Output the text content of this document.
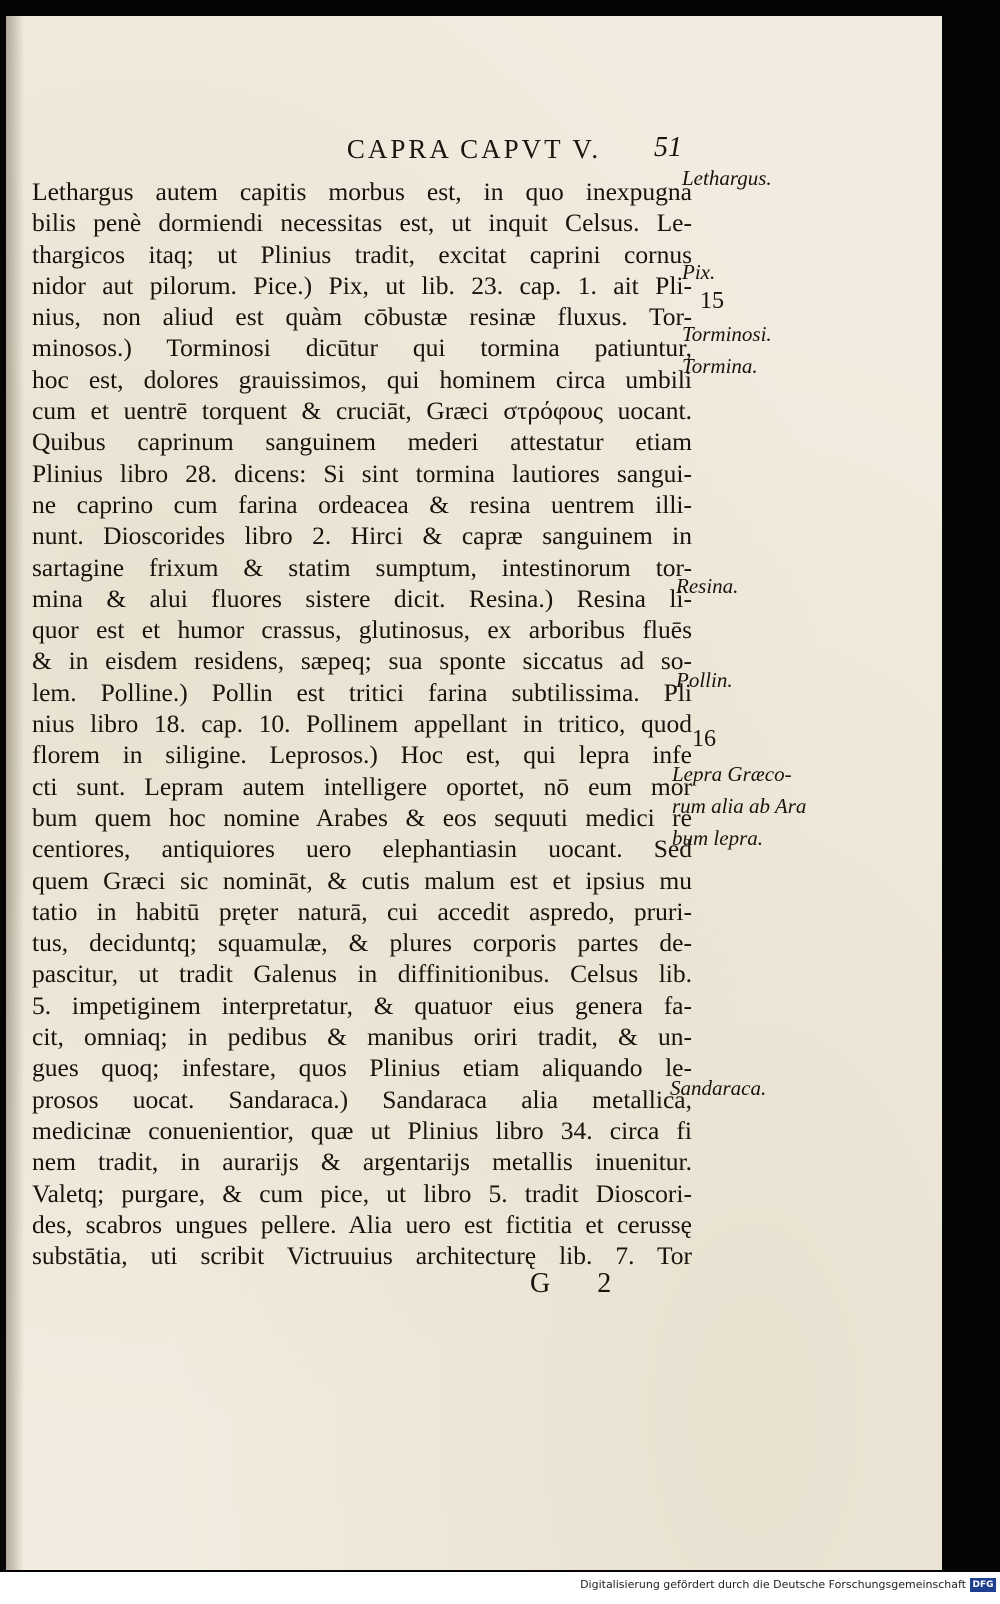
CAPRA CAPVT V.	51
Lethargus autem capitis morbus est, in quo inexpugna
bilis penè dormiendi necessitas est, ut inquit Celsus. Le-
thargicos itaq; ut Plinius tradit, excitat caprini cornus
nidor aut pilorum. Pice.) Pix, ut lib. 23. cap. 1. ait Pli-
nius, non aliud est quàm cōbustæ resinæ fluxus. Tor-
minosos.) Torminosi dicūtur qui tormina patiuntur,
hoc est, dolores grauissimos, qui hominem circa umbili
cum et uentrē torquent & cruciāt, Græci στρόφους uocant.
Quibus caprinum sanguinem mederi attestatur etiam
Plinius libro 28. dicens: Si sint tormina lautiores sangui-
ne caprino cum farina ordeacea & resina uentrem illi-
nunt. Dioscorides libro 2. Hirci & capræ sanguinem in
sartagine frixum & statim sumptum, intestinorum tor-
mina & alui fluores sistere dicit. Resina.) Resina li-
quor est et humor crassus, glutinosus, ex arboribus fluēs
& in eisdem residens, sæpeq; sua sponte siccatus ad so-
lem. Polline.) Pollin est tritici farina subtilissima. Pli
nius libro 18. cap. 10. Pollinem appellant in tritico, quod
florem in siligine. Leprosos.) Hoc est, qui lepra infe
cti sunt. Lepram autem intelligere oportet, nō eum mor
bum quem hoc nomine Arabes & eos sequuti medici re
centiores, antiquiores uero elephantiasin uocant. Sed
quem Græci sic nomināt, & cutis malum est et ipsius mu
tatio in habitū pręter naturā, cui accedit aspredo, pruri-
tus, deciduntq; squamulæ, & plures corporis partes de-
pascitur, ut tradit Galenus in diffinitionibus. Celsus lib.
5. impetiginem interpretatur, & quatuor eius genera fa-
cit, omniaq; in pedibus & manibus oriri tradit, & un-
gues quoq; infestare, quos Plinius etiam aliquando le-
prosos uocat. Sandaraca.) Sandaraca alia metallica,
medicinæ conuenientior, quæ ut Plinius libro 34. circa fi
nem tradit, in aurarijs & argentarijs metallis inuenitur.
Valetq; purgare, & cum pice, ut libro 5. tradit Dioscori-
des, scabros ungues pellere. Alia uero est fictitia et cerussę
substātia, uti scribit Victruuius architecturę lib. 7. Tor
Lethargus.
Pix.
15
Torminosi.
Tormina.
Resina.
Pollin.
16
Lepra Græco-
rum alia ab Ara
bum lepra.
Sandaraca.
G 2
Digitalisierung gefördert durch die Deutsche Forschungsgemeinschaft DFG
